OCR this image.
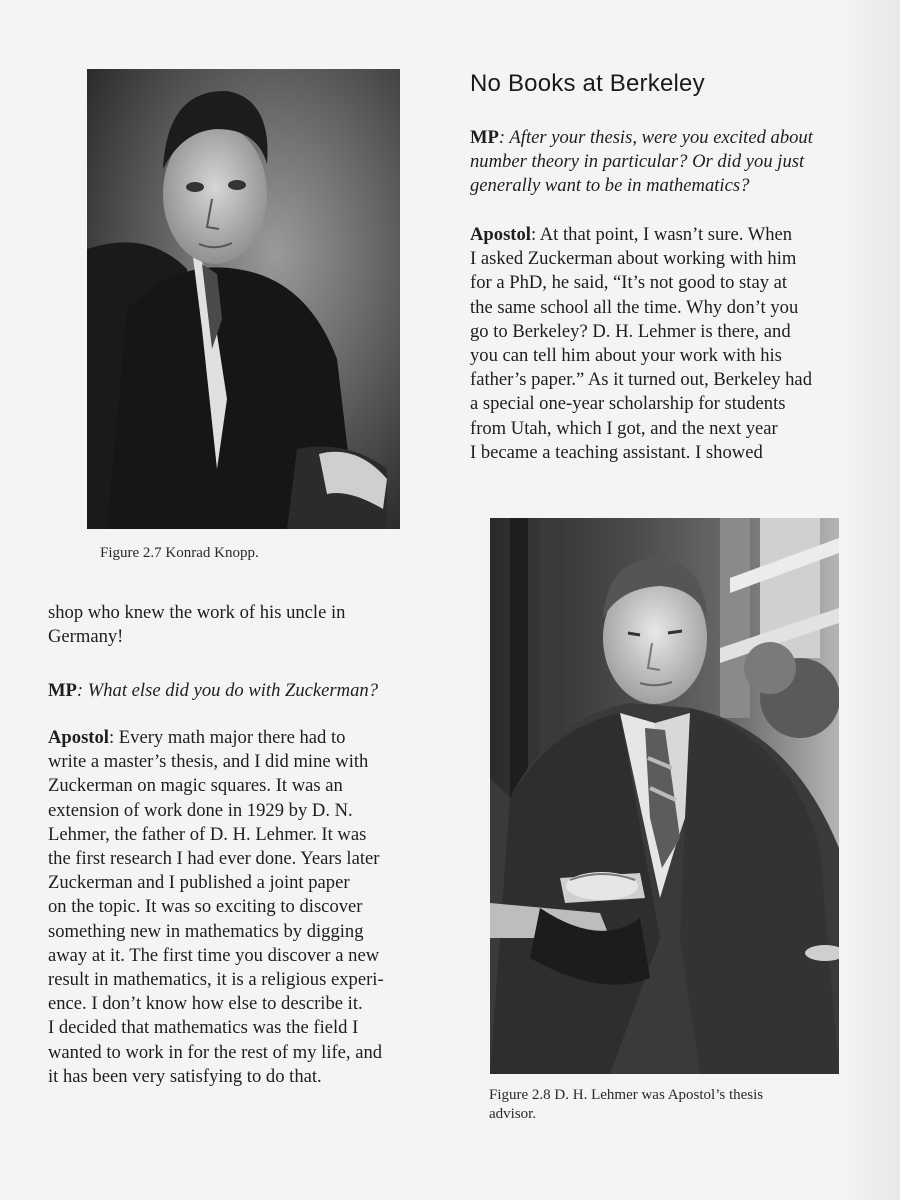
Figure 2.7 Konrad Knopp.
No Books at Berkeley

MP: After your thesis, were you excited about
number theory in particular? Or did you just
generally want to be in mathematics?

Apostol: At that point, I wasn’t sure. When
I asked Zuckerman about working with him
for a PhD, he said, “It’s not good to stay at
the same school all the time. Why don’t you
go to Berkeley? D. H. Lehmer is there, and
you can tell him about your work with his
father’s paper.” As it turned out, Berkeley had
a special one-year scholarship for students
from Utah, which I got, and the next year
I became a teaching assistant. I showed

Figure 2.8 D. H. Lehmer was Apostol’s thesis
advisor.

shop who knew the work of his uncle in
Germany!

MP: What else did you do with Zuckerman?

Apostol: Every math major there had to
write a master’s thesis, and I did mine with
Zuckerman on magic squares. It was an
extension of work done in 1929 by D. N.
Lehmer, the father of D. H. Lehmer. It was
the first research I had ever done. Years later
Zuckerman and I published a joint paper
on the topic. It was so exciting to discover
something new in mathematics by digging
away at it. The first time you discover a new
result in mathematics, it is a religious experi-
ence. I don’t know how else to describe it.
I decided that mathematics was the field I
wanted to work in for the rest of my life, and
it has been very satisfying to do that.
